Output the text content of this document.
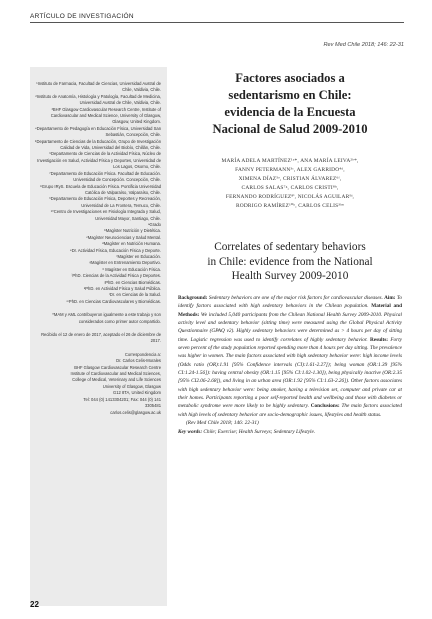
ARTÍCULO DE INVESTIGACIÓN
Rev Med Chile 2018; 146: 22-31

¹Instituto de Farmacia, Facultad de Ciencias, Universidad Austral de Chile, Valdivia, Chile.

²Instituto de Anatomía, Histología y Patología, Facultad de Medicina, Universidad Austral de Chile, Valdivia, Chile.

³BHF Glasgow Cardiovascular Research Centre, Institute of Cardiovascular and Medical Science, University of Glasgow, Glasgow, United Kingdom.

⁴Departamento de Pedagogía en Educación Física, Universidad San Sebastián, Concepción, Chile.

⁵Departamento de Ciencias de la Educación, Grupo de Investigación Calidad de Vida, Universidad del Biobío, Chillán, Chile.

⁶Departamento de Ciencias de la Actividad Física, Núcleo de Investigación en Salud, Actividad Física y Deportes, Universidad de Los Lagos, Osorno, Chile.

⁷Departamento de Educación Física. Facultad de Educación. Universidad de Concepción. Concepción, Chile.

⁸Grupo IRyS. Escuela de Educación Física. Pontificia Universidad Católica de Valparaíso, Valparaíso, Chile.

⁹Departamento de Educación Física, Deportes y Recreación, Universidad de La Frontera, Temuco, Chile.

¹⁰Centro de Investigaciones en Fisiología Integrada y Salud, Universidad Mayor, Santiago, Chile.

ᵃGrado

ᵇMagíster Nutrición y Dietética.

ᶜMagíster Neurociencias y Salud Mental.

ᵈMagíster en Nutrición Humana.

ᵉDr. Actividad Física, Educación Física y Deporte.

ᶠMagíster en Educación.

ᵍMagíster en Entrenamiento Deportivo.

ʰ Magíster en Educación Física.

ⁱPhD. Ciencias de la Actividad Física y Deportes.

ʲPhD. en Ciencias Biomédicas.

ᵏPhD. en Actividad Física y Salud Pública.

ˡDr. en Ciencias de la Salud.

ᵐPhD. en Ciencias Cardiovasculares y Biomédicas.

*MAM y AML contribuyeron igualmente a este trabajo y son considerados como primer autor compartido.

Recibido el 12 de enero de 2017, aceptado el 26 de diciembre de 2017.

Correspondencia a:

Dr. Carlos Celis-Morales

BHF Glasgow Cardiovascular Research Centre

Institute of Cardiovascular and Medical Sciences,

College of Medical, Veterinary and Life Sciences

University of Glasgow, Glasgow

G12 8TA, United Kingdom

Tel: 044 (0) 1413304201; Fax: 044 (0) 141

3305481

carlos.celis@glasgow.ac.uk

Factores asociados a
sedentarismo en Chile:
evidencia de la Encuesta
Nacional de Salud 2009-2010
MARÍA ADELA MARTÍNEZ¹ᵃ*, ANA MARÍA LEIVA²ᵇ*,
FANNY PETERMANN³ᶜ, ALEX GARRIDO⁴ᵈ,
XIMENA DÍAZ⁵ᵉ, CRISTIAN ÁLVAREZ⁶ᶠ,
CARLOS SALAS⁷ᵍ, CARLOS CRISTI⁸ʰ,
FERNANDO RODRÍGUEZ⁸ⁱ, NICOLÁS AGUILAR⁹ʲ,
RODRIGO RAMÍREZ¹⁰ᵏ, CARLOS CELIS³ˡᵐ
Correlates of sedentary behaviors
in Chile: evidence from the National
Health Survey 2009-2010

Background: Sedentary behaviors are one of the major risk factors for cardiovascular diseases. Aim: To identify factors associated with high sedentary behaviors in the Chilean population. Material and Methods: We included 5,040 participants from the Chilean National Health Survey 2009-2010. Physical activity level and sedentary behavior (sitting time) were measured using the Global Physical Activity Questionnaire (GPAQ v2). Highly sedentary behaviors were determined as > 4 hours per day of sitting time. Logistic regression was used to identify correlates of highly sedentary behavior. Results: Forty seven percent of the study population reported spending more than 4 hours per day sitting. The prevalence was higher in women. The main factors associated with high sedentary behavior were: high income levels (Odds ratio (OR):1.91 [95% Confidence intervals (CI):1.61-2.27]); being woman (OR:1.39 [95% CI:1.24-1.56]): having central obesity (OR:1.15 [95% CI:1.02-1.30]), being physically inactive (OR:2.35 [95% CI2.06-2.68]), and living in an urban area (OR:1.92 [95% CI:1.63-2.26]). Other factors associates with high sedentary behavior were: being smoker, having a television set, computer and private car at their homes. Participants reporting a poor self-reported health and wellbeing and those with diabetes or metabolic syndrome were more likely to be highly sedentary. Conclusions: The main factors associated with high levels of sedentary behavior are socio-demographic issues, lifestyles and health status.

(Rev Med Chile 2018; 146: 22-31)

Key words: Chile; Exercise; Health Surveys; Sedentary Lifestyle.

22
